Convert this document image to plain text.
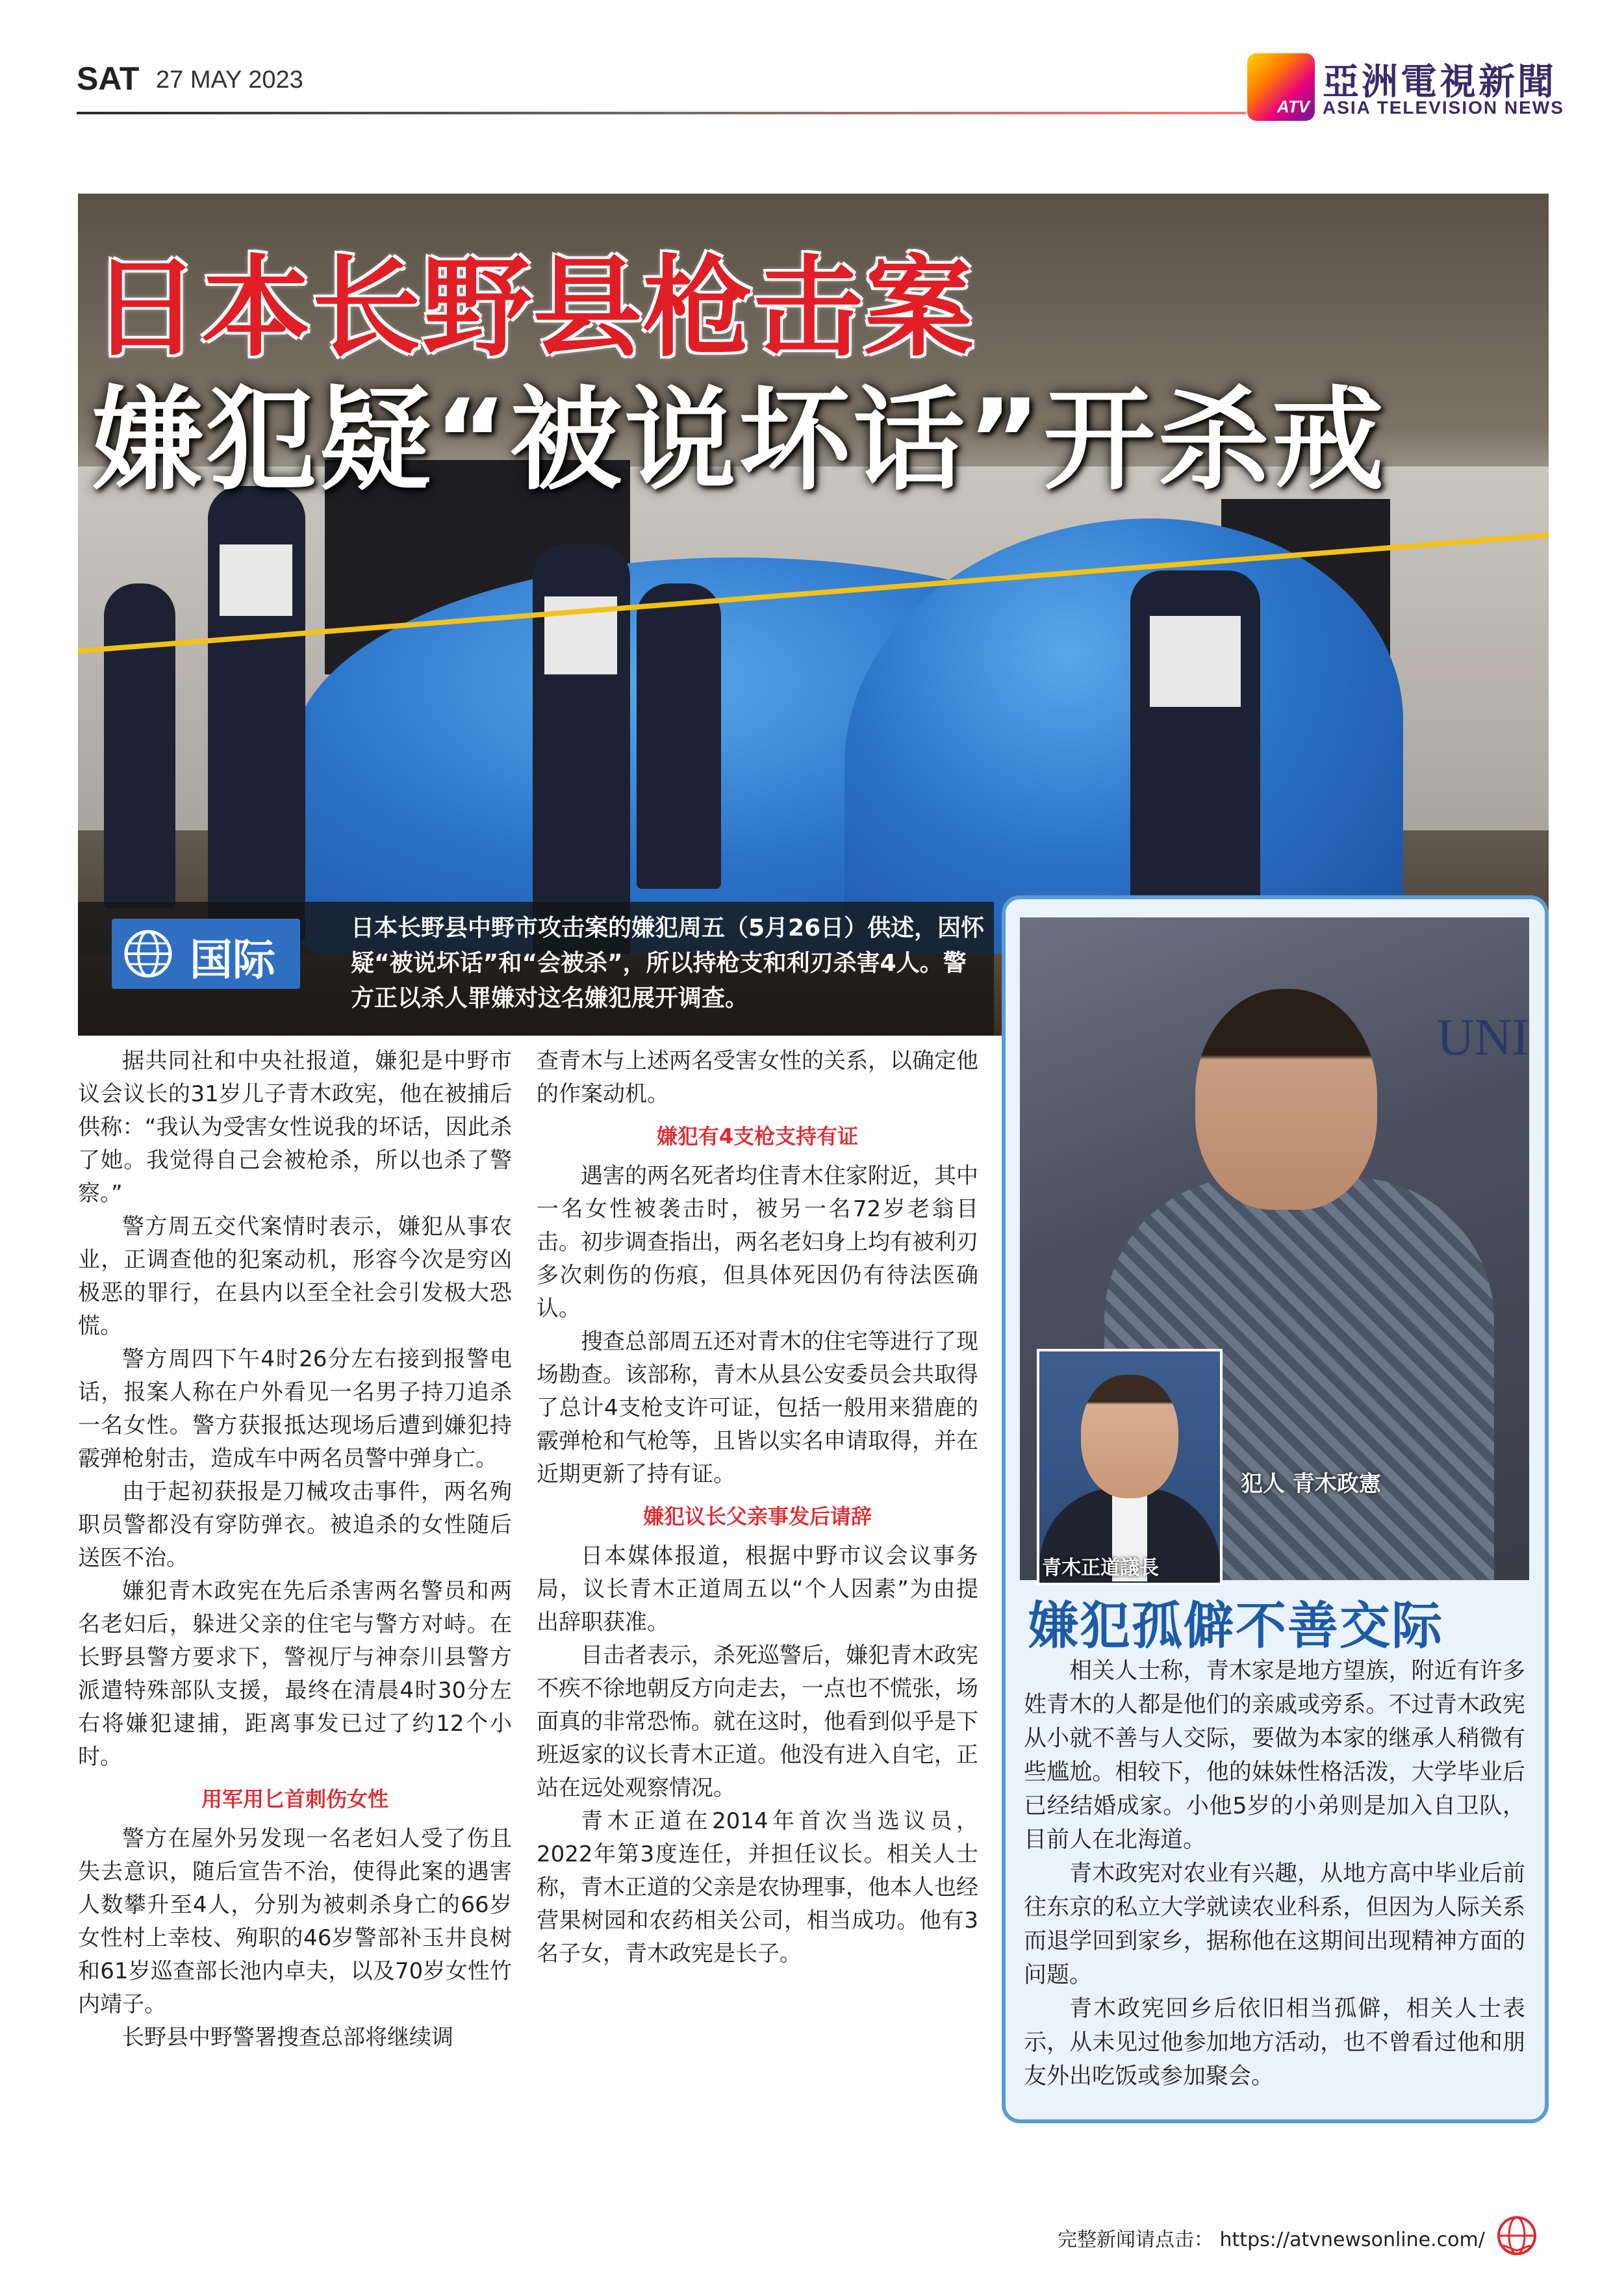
SAT 27 MAY 2023
ATV
亞洲電視新聞
ASIA TELEVISION NEWS
日本长野县枪击案
嫌犯疑“被说坏话”开杀戒
国际
日本长野县中野市攻击案的嫌犯周五（5月26日）供述，因怀疑“被说坏话”和“会被杀”，所以持枪支和利刃杀害4人。警方正以杀人罪嫌对这名嫌犯展开调查。
UNI
犯人 青木政憲
青木正道議長
嫌犯孤僻不善交际

相关人士称，青木家是地方望族，附近有许多姓青木的人都是他们的亲戚或旁系。不过青木政宪从小就不善与人交际，要做为本家的继承人稍微有些尴尬。相较下，他的妹妹性格活泼，大学毕业后已经结婚成家。小他5岁的小弟则是加入自卫队，目前人在北海道。

青木政宪对农业有兴趣，从地方高中毕业后前往东京的私立大学就读农业科系，但因为人际关系而退学回到家乡，据称他在这期间出现精神方面的问题。

青木政宪回乡后依旧相当孤僻，相关人士表示，从未见过他参加地方活动，也不曾看过他和朋友外出吃饭或参加聚会。

据共同社和中央社报道，嫌犯是中野市议会议长的31岁儿子青木政宪，他在被捕后供称：“我认为受害女性说我的坏话，因此杀了她。我觉得自己会被枪杀，所以也杀了警察。”

警方周五交代案情时表示，嫌犯从事农业，正调查他的犯案动机，形容今次是穷凶极恶的罪行，在县内以至全社会引发极大恐慌。

警方周四下午4时26分左右接到报警电话，报案人称在户外看见一名男子持刀追杀一名女性。警方获报抵达现场后遭到嫌犯持霰弹枪射击，造成车中两名员警中弹身亡。

由于起初获报是刀械攻击事件，两名殉职员警都没有穿防弹衣。被追杀的女性随后送医不治。

嫌犯青木政宪在先后杀害两名警员和两名老妇后，躲进父亲的住宅与警方对峙。在长野县警方要求下，警视厅与神奈川县警方派遣特殊部队支援，最终在清晨4时30分左右将嫌犯逮捕，距离事发已过了约12个小时。

用军用匕首刺伤女性

警方在屋外另发现一名老妇人受了伤且失去意识，随后宣告不治，使得此案的遇害人数攀升至4人，分别为被刺杀身亡的66岁女性村上幸枝、殉职的46岁警部补玉井良树和61岁巡查部长池内卓夫，以及70岁女性竹内靖子。

长野县中野警署搜查总部将继续调

查青木与上述两名受害女性的关系，以确定他的作案动机。

嫌犯有4支枪支持有证

遇害的两名死者均住青木住家附近，其中一名女性被袭击时，被另一名72岁老翁目击。初步调查指出，两名老妇身上均有被利刃多次刺伤的伤痕，但具体死因仍有待法医确认。

搜查总部周五还对青木的住宅等进行了现场勘查。该部称，青木从县公安委员会共取得了总计4支枪支许可证，包括一般用来猎鹿的霰弹枪和气枪等，且皆以实名申请取得，并在近期更新了持有证。

嫌犯议长父亲事发后请辞

日本媒体报道，根据中野市议会议事务局，议长青木正道周五以“个人因素”为由提出辞职获准。

目击者表示，杀死巡警后，嫌犯青木政宪不疾不徐地朝反方向走去，一点也不慌张，场面真的非常恐怖。就在这时，他看到似乎是下班返家的议长青木正道。他没有进入自宅，正站在远处观察情况。

青木正道在2014年首次当选议员，2022年第3度连任，并担任议长。相关人士称，青木正道的父亲是农协理事，他本人也经营果树园和农药相关公司，相当成功。他有3名子女，青木政宪是长子。

完整新闻请点击： https://atvnewsonline.com/
